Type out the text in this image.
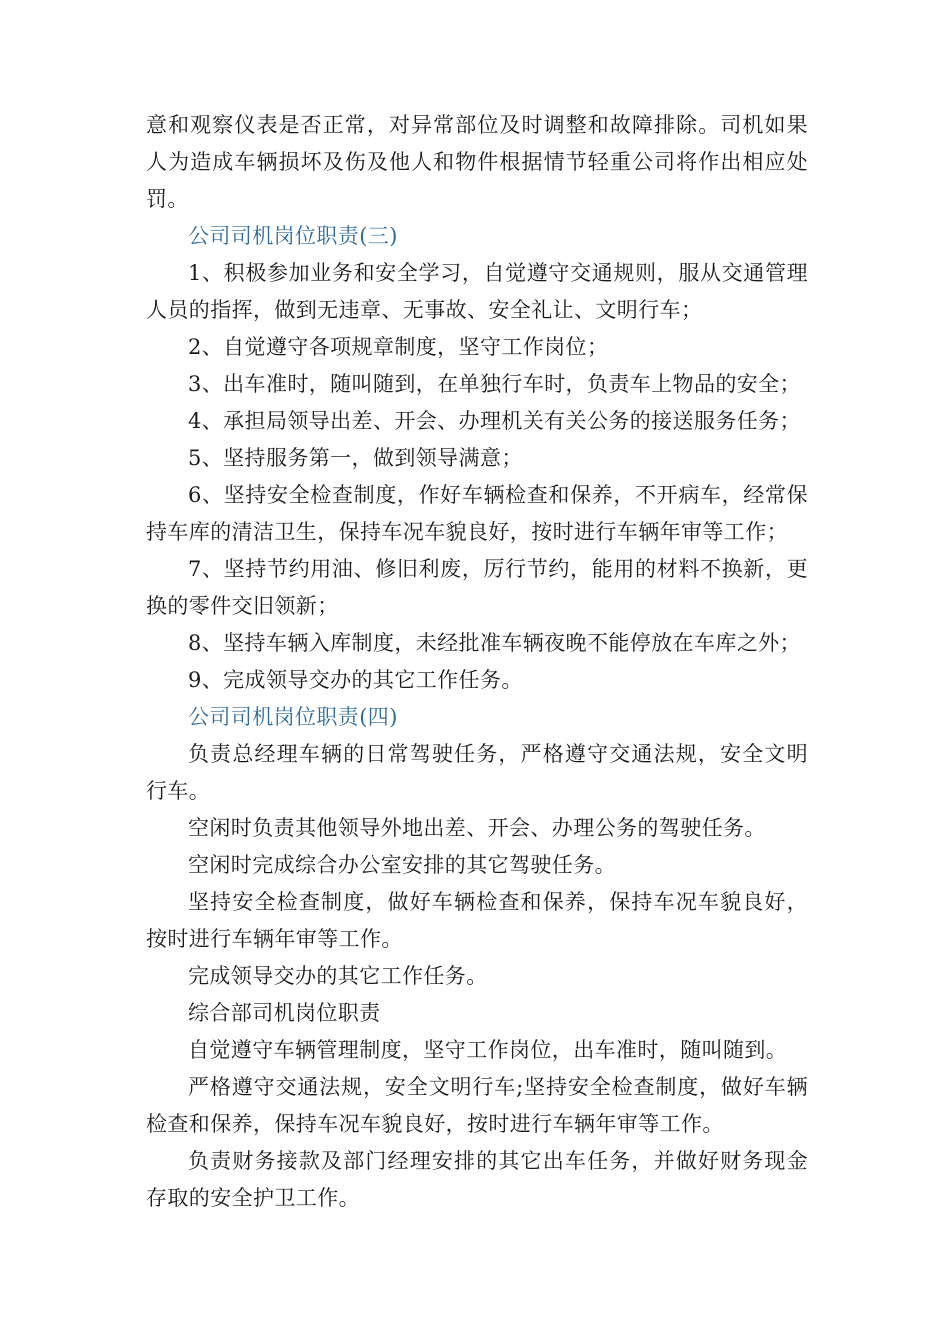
意和观察仪表是否正常，对异常部位及时调整和故障排除。司机如果人为造成车辆损坏及伤及他人和物件根据情节轻重公司将作出相应处罚。

公司司机岗位职责(三)

1、积极参加业务和安全学习，自觉遵守交通规则，服从交通管理人员的指挥，做到无违章、无事故、安全礼让、文明行车；

2、自觉遵守各项规章制度，坚守工作岗位；

3、出车准时，随叫随到，在单独行车时，负责车上物品的安全；

4、承担局领导出差、开会、办理机关有关公务的接送服务任务；

5、坚持服务第一，做到领导满意；

6、坚持安全检查制度，作好车辆检查和保养，不开病车，经常保持车库的清洁卫生，保持车况车貌良好，按时进行车辆年审等工作；

7、坚持节约用油、修旧利废，厉行节约，能用的材料不换新，更换的零件交旧领新；

8、坚持车辆入库制度，未经批准车辆夜晚不能停放在车库之外；

9、完成领导交办的其它工作任务。

公司司机岗位职责(四)

负责总经理车辆的日常驾驶任务，严格遵守交通法规，安全文明行车。

空闲时负责其他领导外地出差、开会、办理公务的驾驶任务。

空闲时完成综合办公室安排的其它驾驶任务。

坚持安全检查制度，做好车辆检查和保养，保持车况车貌良好，按时进行车辆年审等工作。

完成领导交办的其它工作任务。

综合部司机岗位职责

自觉遵守车辆管理制度，坚守工作岗位，出车准时，随叫随到。

严格遵守交通法规，安全文明行车;坚持安全检查制度，做好车辆检查和保养，保持车况车貌良好，按时进行车辆年审等工作。

负责财务接款及部门经理安排的其它出车任务，并做好财务现金存取的安全护卫工作。
